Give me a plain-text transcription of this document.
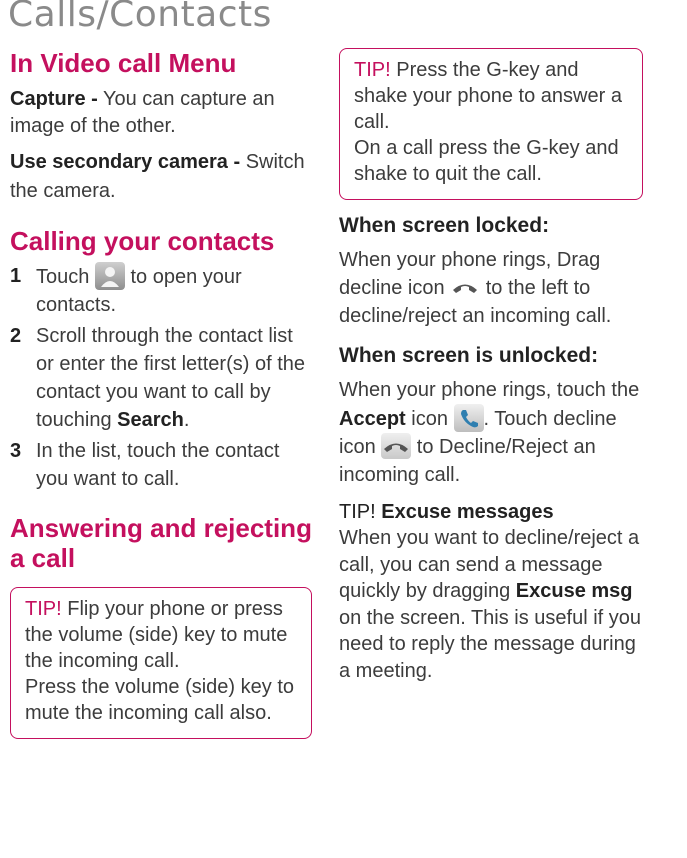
Calls/Contacts
In Video call Menu

Capture - You can capture an image of the other.

Use secondary camera - Switch the camera.

Calling your contacts
1 Touch  to open your contacts.
2 Scroll through the contact list or enter the first letter(s) of the contact you want to call by touching Search.
3 In the list, touch the contact you want to call.
Answering and rejecting
a call
TIP! Flip your phone or press the volume (side) key to mute the incoming call.
Press the volume (side) key to mute the incoming call also.
TIP! Press the G-key and shake your phone to answer a call.
On a call press the G-key and shake to quit the call.

When screen locked:

When your phone rings, Drag decline icon  to the left to decline/reject an incoming call.

When screen is unlocked:

When your phone rings, touch the Accept icon . Touch decline icon  to Decline/Reject an incoming call.

TIP! Excuse messages

When you want to decline/reject a call, you can send a message quickly by dragging Excuse msg on the screen. This is useful if you need to reply the message during a meeting.
